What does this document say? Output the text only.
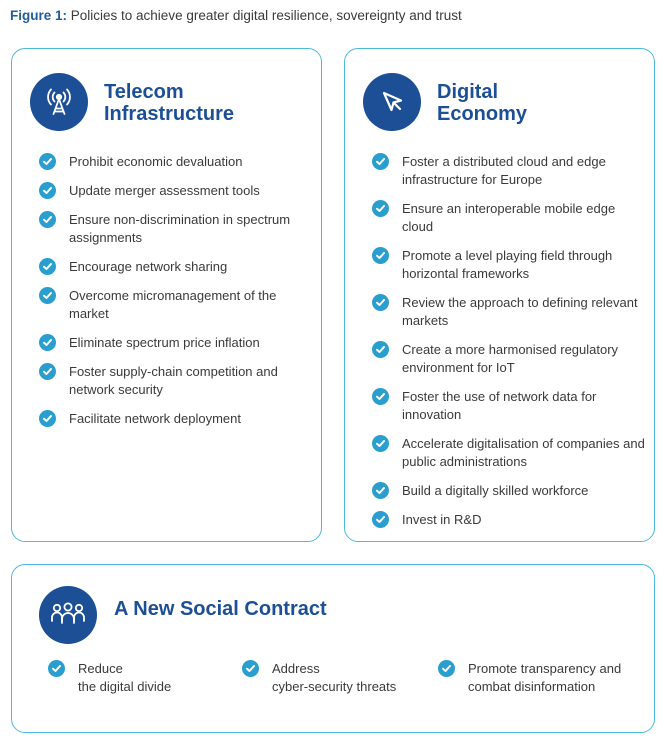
Figure 1: Policies to achieve greater digital resilience, sovereignty and trust
Telecom
Infrastructure
Prohibit economic devaluation
Update merger assessment tools
Ensure non-discrimination in spectrum assignments
Encourage network sharing
Overcome micromanagement of the market
Eliminate spectrum price inflation
Foster supply-chain competition and network security
Facilitate network deployment
Digital
Economy
Foster a distributed cloud and edge infrastructure for Europe
Ensure an interoperable mobile edge cloud
Promote a level playing field through horizontal frameworks
Review the approach to defining relevant markets
Create a more harmonised regulatory environment for IoT
Foster the use of network data for innovation
Accelerate digitalisation of companies and public administrations
Build a digitally skilled workforce
Invest in R&D
A New Social Contract
Reduce
the digital divide
Address
cyber-security threats
Promote transparency and
combat disinformation
